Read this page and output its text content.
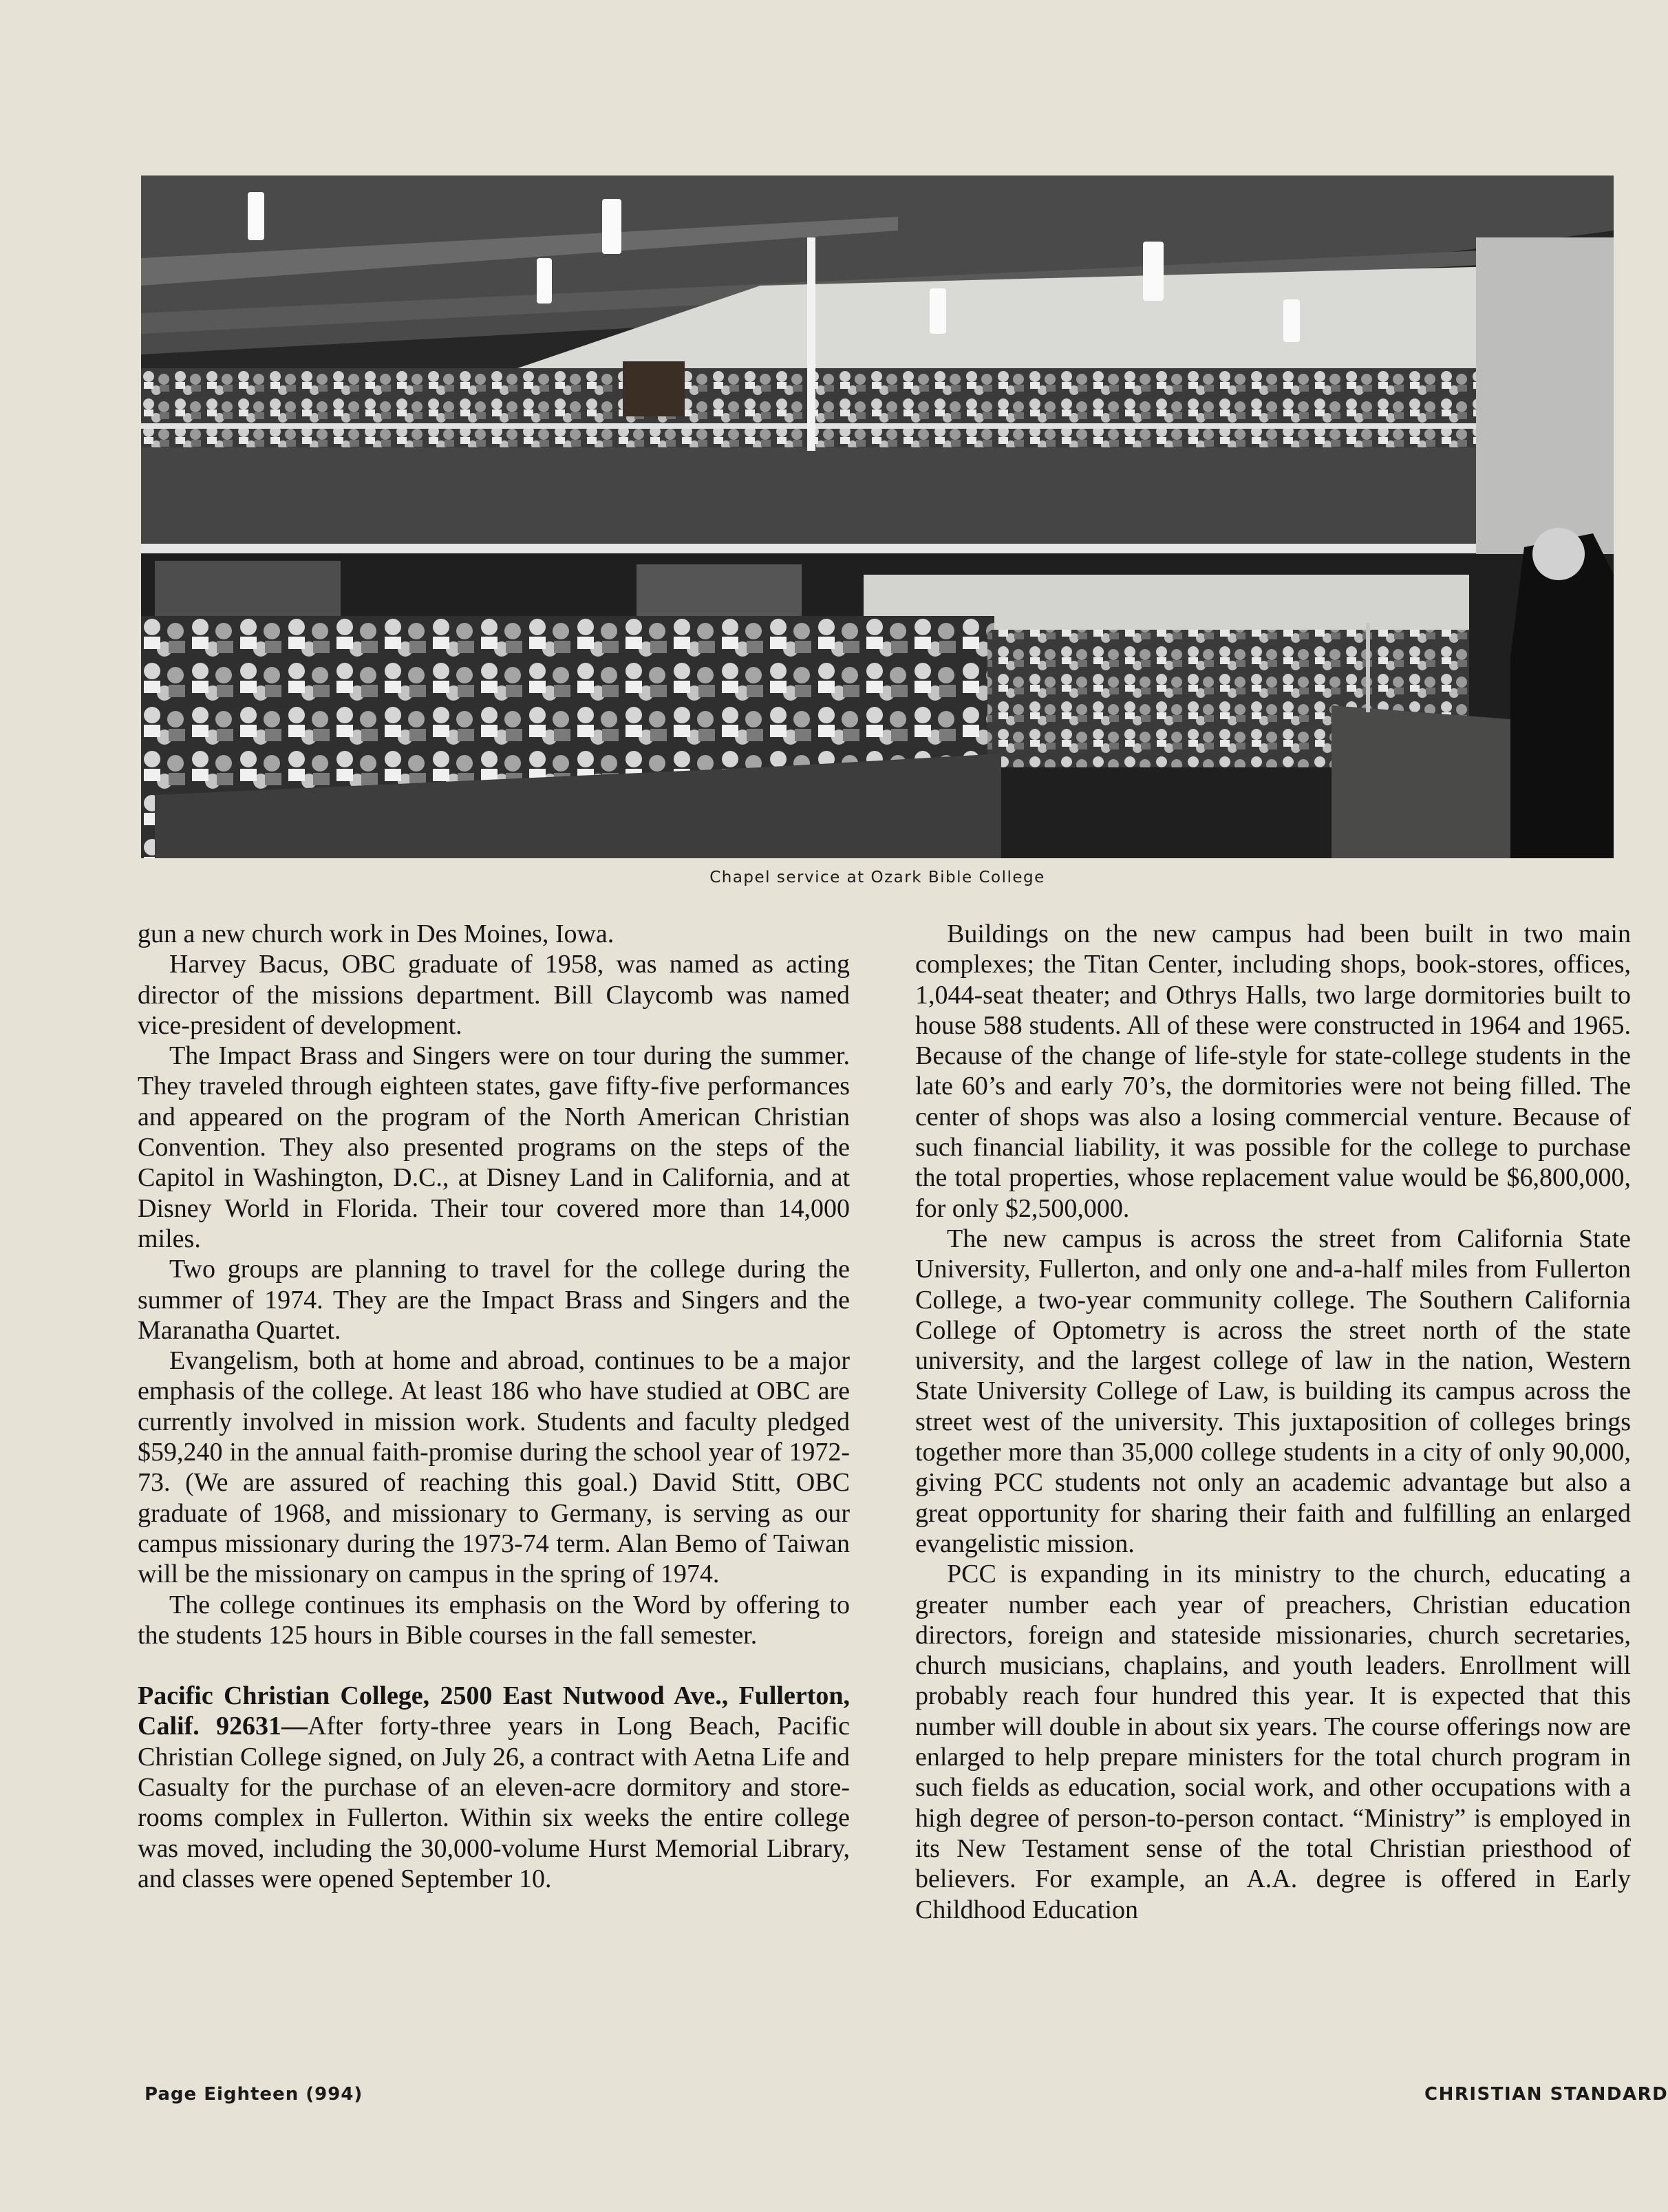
Chapel service at Ozark Bible College

gun a new church work in Des Moines, Iowa.

Harvey Bacus, OBC graduate of 1958, was named as acting director of the missions department. Bill Claycomb was named vice-president of development.

The Impact Brass and Singers were on tour during the summer. They traveled through eighteen states, gave fifty-five performances and appeared on the program of the North American Christian Convention. They also presented programs on the steps of the Capitol in Washington, D.C., at Disney Land in California, and at Disney World in Florida. Their tour covered more than 14,000 miles.

Two groups are planning to travel for the college during the summer of 1974. They are the Impact Brass and Singers and the Maranatha Quartet.

Evangelism, both at home and abroad, continues to be a major emphasis of the college. At least 186 who have studied at OBC are currently involved in mission work. Students and faculty pledged $59,240 in the annual faith-promise during the school year of 1972-73. (We are assured of reaching this goal.) David Stitt, OBC graduate of 1968, and missionary to Germany, is serving as our campus missionary during the 1973-74 term. Alan Bemo of Taiwan will be the missionary on campus in the spring of 1974.

The college continues its emphasis on the Word by offering to the students 125 hours in Bible courses in the fall semester.

Pacific Christian College, 2500 East Nutwood Ave., Fullerton, Calif. 92631—After forty-three years in Long Beach, Pacific Christian College signed, on July 26, a contract with Aetna Life and Casualty for the purchase of an eleven-acre dormitory and store-rooms complex in Fullerton. Within six weeks the entire college was moved, including the 30,000-volume Hurst Memorial Library, and classes were opened September 10.

Buildings on the new campus had been built in two main complexes; the Titan Center, including shops, book-stores, offices, 1,044-seat theater; and Othrys Halls, two large dormitories built to house 588 students. All of these were constructed in 1964 and 1965. Because of the change of life-style for state-college students in the late 60’s and early 70’s, the dormitories were not being filled. The center of shops was also a losing commercial venture. Because of such financial liability, it was possible for the college to purchase the total properties, whose replacement value would be $6,800,000, for only $2,500,000.

The new campus is across the street from California State University, Fullerton, and only one and-a-half miles from Fullerton College, a two-year community college. The Southern California College of Optometry is across the street north of the state university, and the largest college of law in the nation, Western State University College of Law, is building its campus across the street west of the university. This juxtaposition of colleges brings together more than 35,000 college students in a city of only 90,000, giving PCC students not only an academic advantage but also a great opportunity for sharing their faith and fulfilling an enlarged evangelistic mission.

PCC is expanding in its ministry to the church, educating a greater number each year of preachers, Christian education directors, foreign and stateside missionaries, church secretaries, church musicians, chaplains, and youth leaders. Enrollment will probably reach four hundred this year. It is expected that this number will double in about six years. The course offerings now are enlarged to help prepare ministers for the total church program in such fields as education, social work, and other occupations with a high degree of person-to-person contact. “Ministry” is employed in its New Testament sense of the total Christian priesthood of believers. For example, an A.A. degree is offered in Early Childhood Education

Page Eighteen (994)	CHRISTIAN STANDARD
